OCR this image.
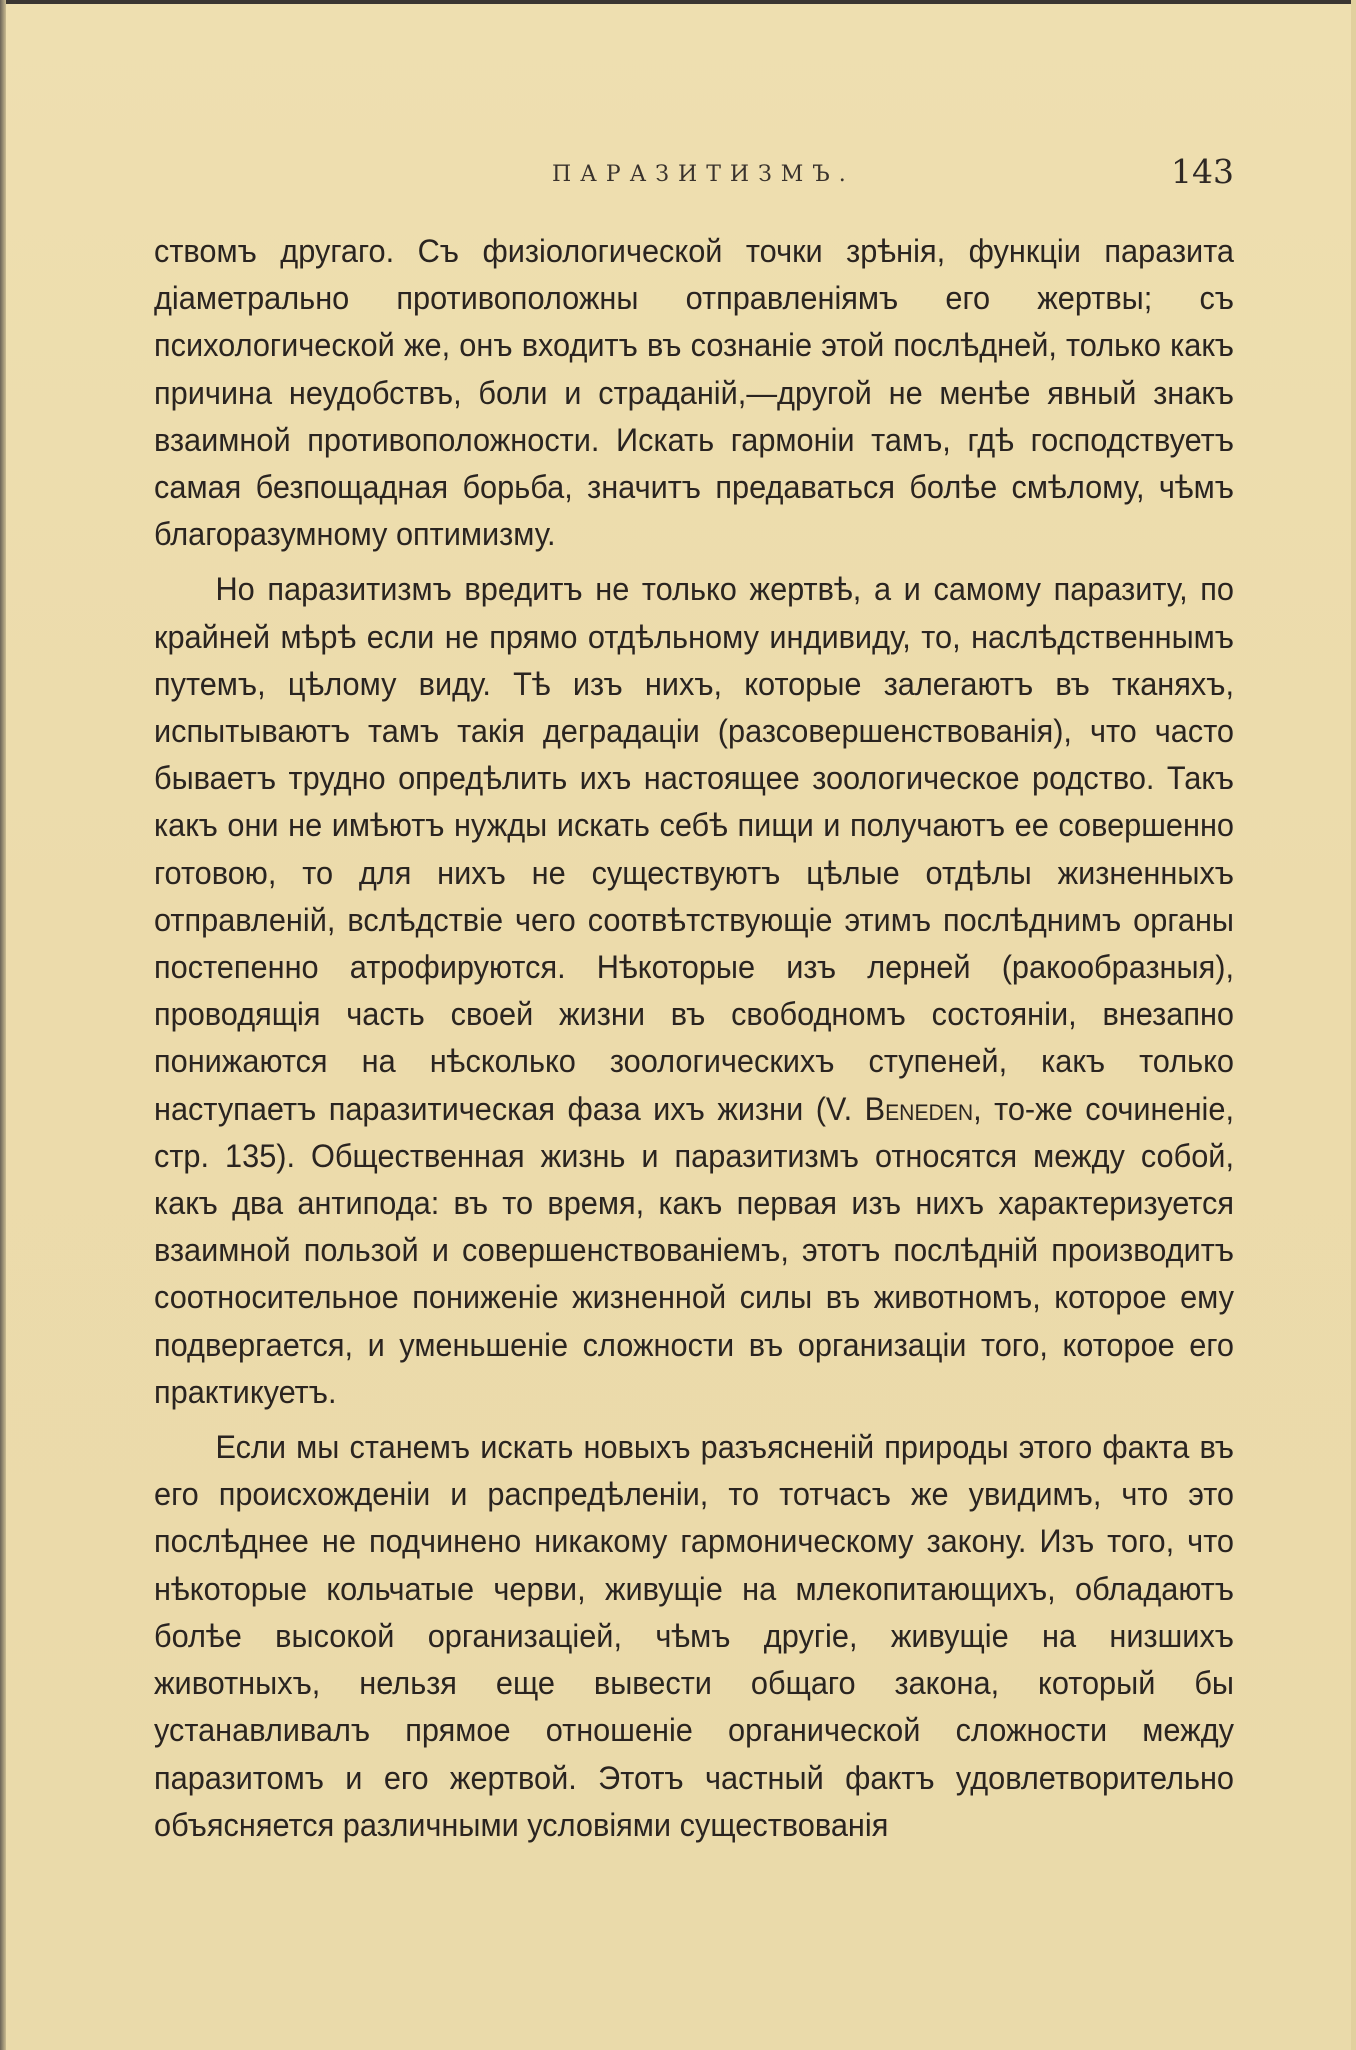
ПАРАЗИТИЗМЪ.	143

ствомъ другаго. Съ физіологической точки зрѣнія, функціи паразита діаметрально противоположны отправленіямъ его жертвы; съ психологической же, онъ входитъ въ сознаніе этой послѣдней, только какъ причина неудобствъ, боли и страданій,—другой не менѣе явный знакъ взаимной противоположности. Искать гармоніи тамъ, гдѣ господствуетъ самая безпощадная борьба, значитъ предаваться болѣе смѣлому, чѣмъ благоразумному оптимизму.

Но паразитизмъ вредитъ не только жертвѣ, а и самому паразиту, по крайней мѣрѣ если не прямо отдѣльному индивиду, то, наслѣдственнымъ путемъ, цѣлому виду. Тѣ изъ нихъ, которые залегаютъ въ тканяхъ, испытываютъ тамъ такія деградаціи (разсовершенствованія), что часто бываетъ трудно опредѣлить ихъ настоящее зоологическое родство. Такъ какъ они не имѣютъ нужды искать себѣ пищи и получаютъ ее совершенно готовою, то для нихъ не существуютъ цѣлые отдѣлы жизненныхъ отправленій, вслѣдствіе чего соотвѣтствующіе этимъ послѣднимъ органы постепенно атрофируются. Нѣкоторые изъ лерней (ракообразныя), проводящія часть своей жизни въ свободномъ состояніи, внезапно понижаются на нѣсколько зоологическихъ ступеней, какъ только наступаетъ паразитическая фаза ихъ жизни (V. Beneden, то-же сочиненіе, стр. 135). Общественная жизнь и паразитизмъ относятся между собой, какъ два антипода: въ то время, какъ первая изъ нихъ характеризуется взаимной пользой и совершенствованіемъ, этотъ послѣдній производитъ соотносительное пониженіе жизненной силы въ животномъ, которое ему подвергается, и уменьшеніе сложности въ организаціи того, которое его практикуетъ.

Если мы станемъ искать новыхъ разъясненій природы этого факта въ его происхожденіи и распредѣленіи, то тотчасъ же увидимъ, что это послѣднее не подчинено никакому гармоническому закону. Изъ того, что нѣкоторые кольчатые черви, живущіе на млекопитающихъ, обладаютъ болѣе высокой организаціей, чѣмъ другіе, живущіе на низшихъ животныхъ, нельзя еще вывести общаго закона, который бы устанавливалъ прямое отношеніе органической сложности между паразитомъ и его жертвой. Этотъ частный фактъ удовлетворительно объясняется различными условіями существованія
